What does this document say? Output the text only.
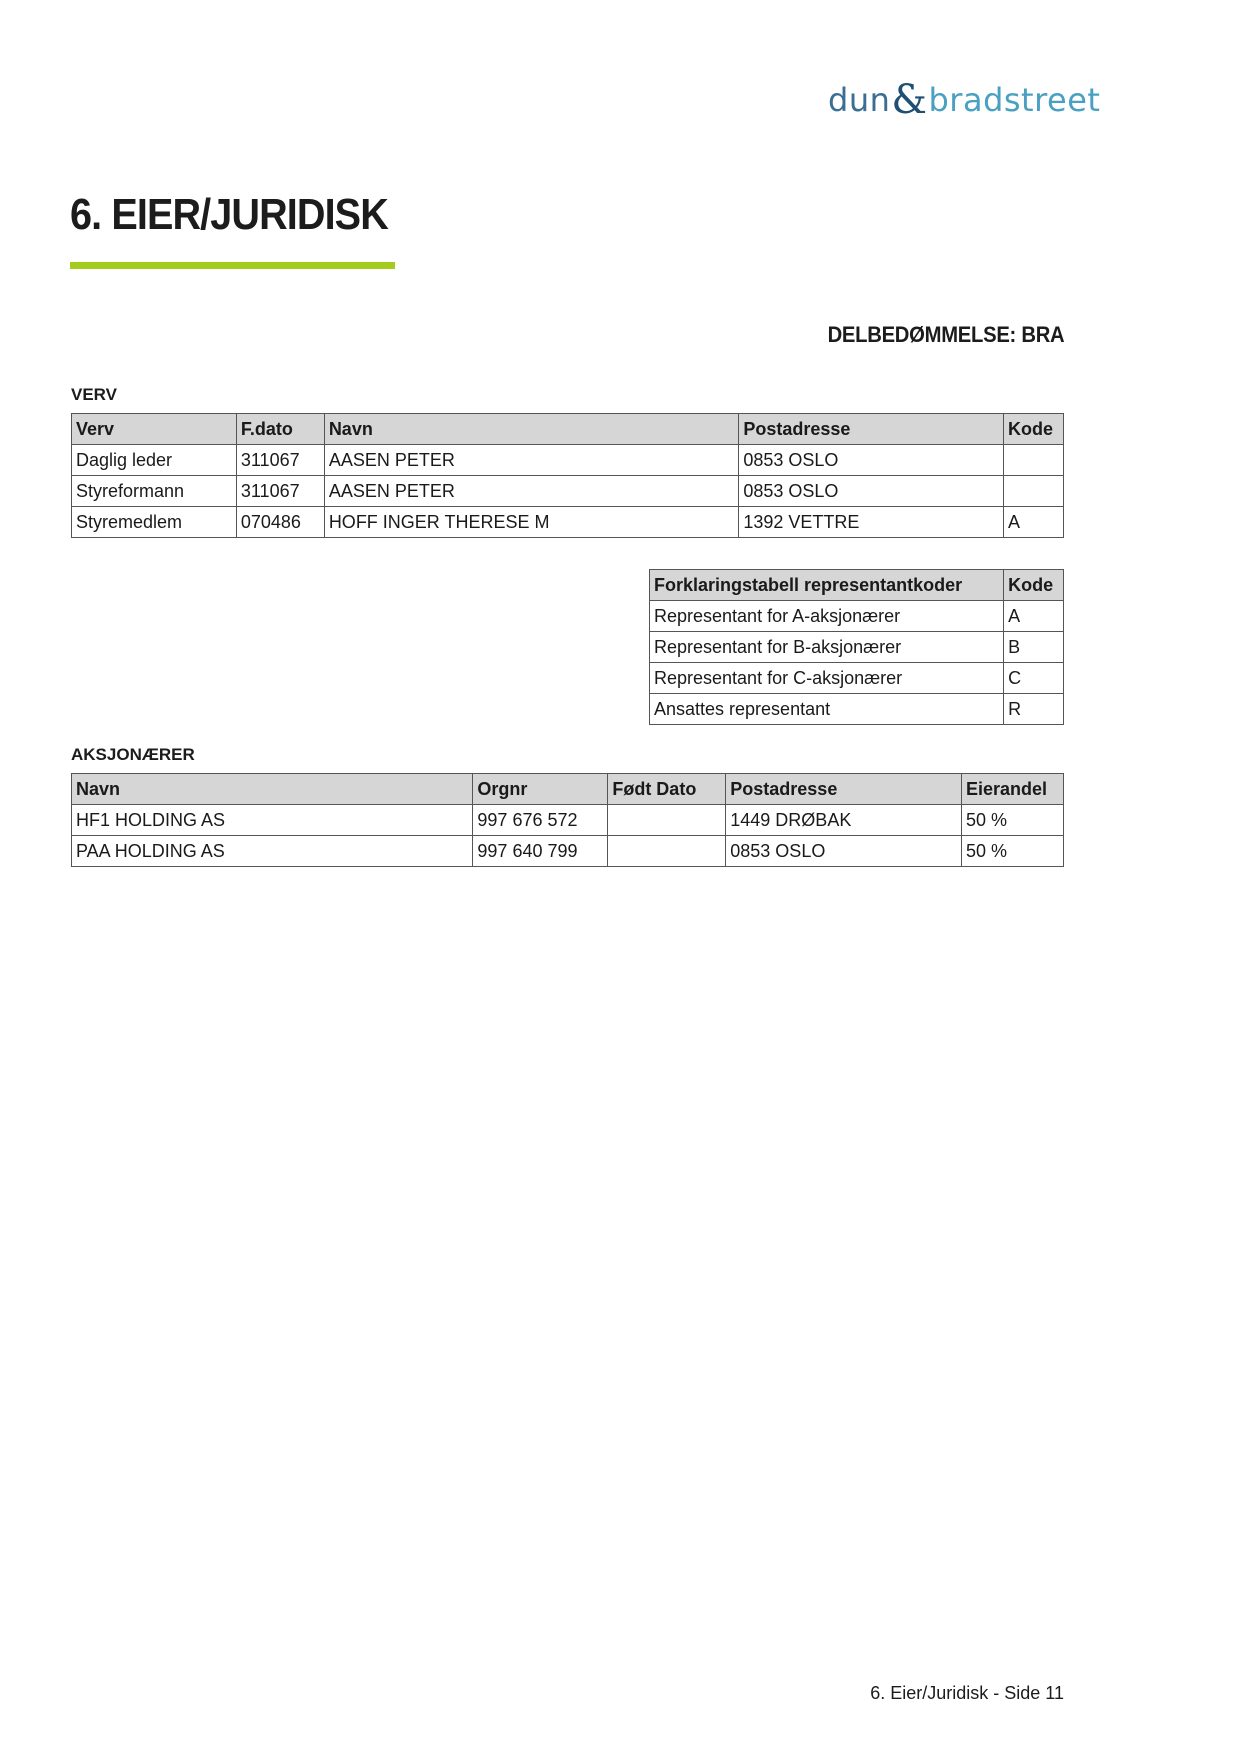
dun & bradstreet
6. EIER/JURIDISK
DELBEDØMMELSE: BRA
VERV
Verv	F.dato	Navn	Postadresse	Kode
Daglig leder	311067	AASEN PETER	0853 OSLO	
Styreformann	311067	AASEN PETER	0853 OSLO	
Styremedlem	070486	HOFF INGER THERESE M	1392 VETTRE	A
Forklaringstabell representantkoder	Kode
Representant for A-aksjonærer	A
Representant for B-aksjonærer	B
Representant for C-aksjonærer	C
Ansattes representant	R
AKSJONÆRER
Navn	Orgnr	Født Dato	Postadresse	Eierandel
HF1 HOLDING AS	997 676 572		1449 DRØBAK	50 %
PAA HOLDING AS	997 640 799		0853 OSLO	50 %
6. Eier/Juridisk - Side 11
